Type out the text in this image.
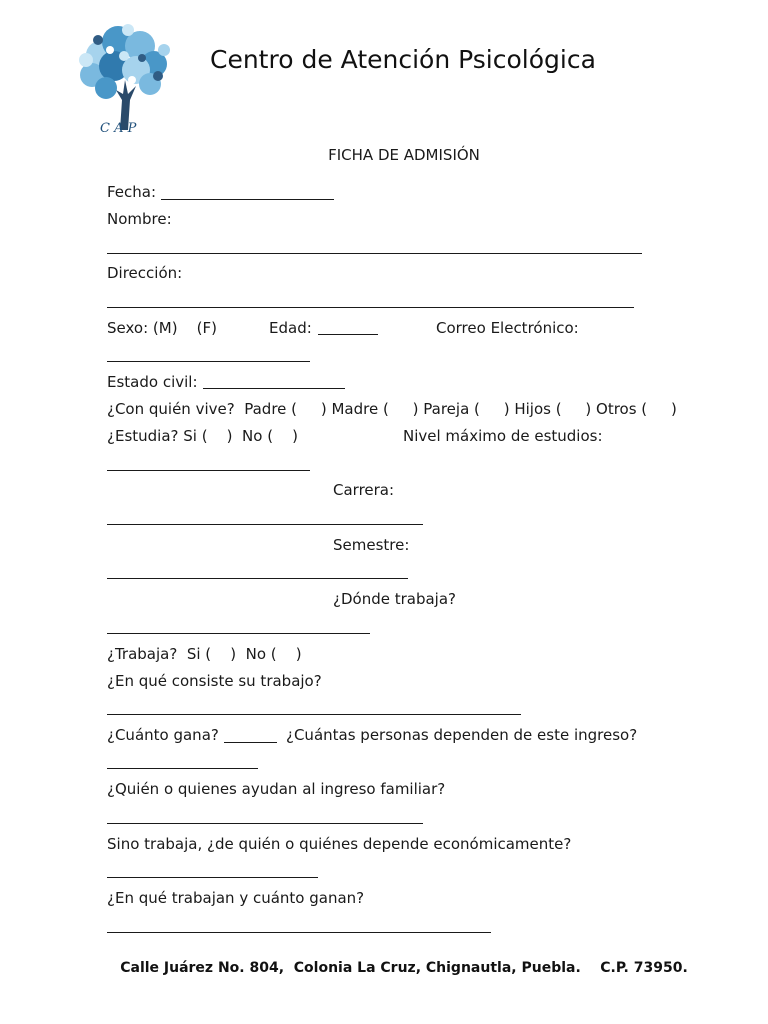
C A P
Centro de Atención Psicológica
FICHA DE ADMISIÓN
Fecha:
Nombre:
Dirección:
Sexo: (M)    (F)	Edad:	Correo Electrónico:
Estado civil:
¿Con quién vive?  Padre (     ) Madre (     ) Pareja (     ) Hijos (     ) Otros (     )
¿Estudia? Si (    )  No (    )	Nivel máximo de estudios:
Carrera:
Semestre:
¿Dónde trabaja?
¿Trabaja?  Si (    )  No (    )
¿En qué consiste su trabajo?
¿Cuánto gana?	¿Cuántas personas dependen de este ingreso?
¿Quién o quienes ayudan al ingreso familiar?
Sino trabaja, ¿de quién o quiénes depende económicamente?
¿En qué trabajan y cuánto ganan?
Calle Juárez No. 804,  Colonia La Cruz, Chignautla, Puebla.    C.P. 73950.
